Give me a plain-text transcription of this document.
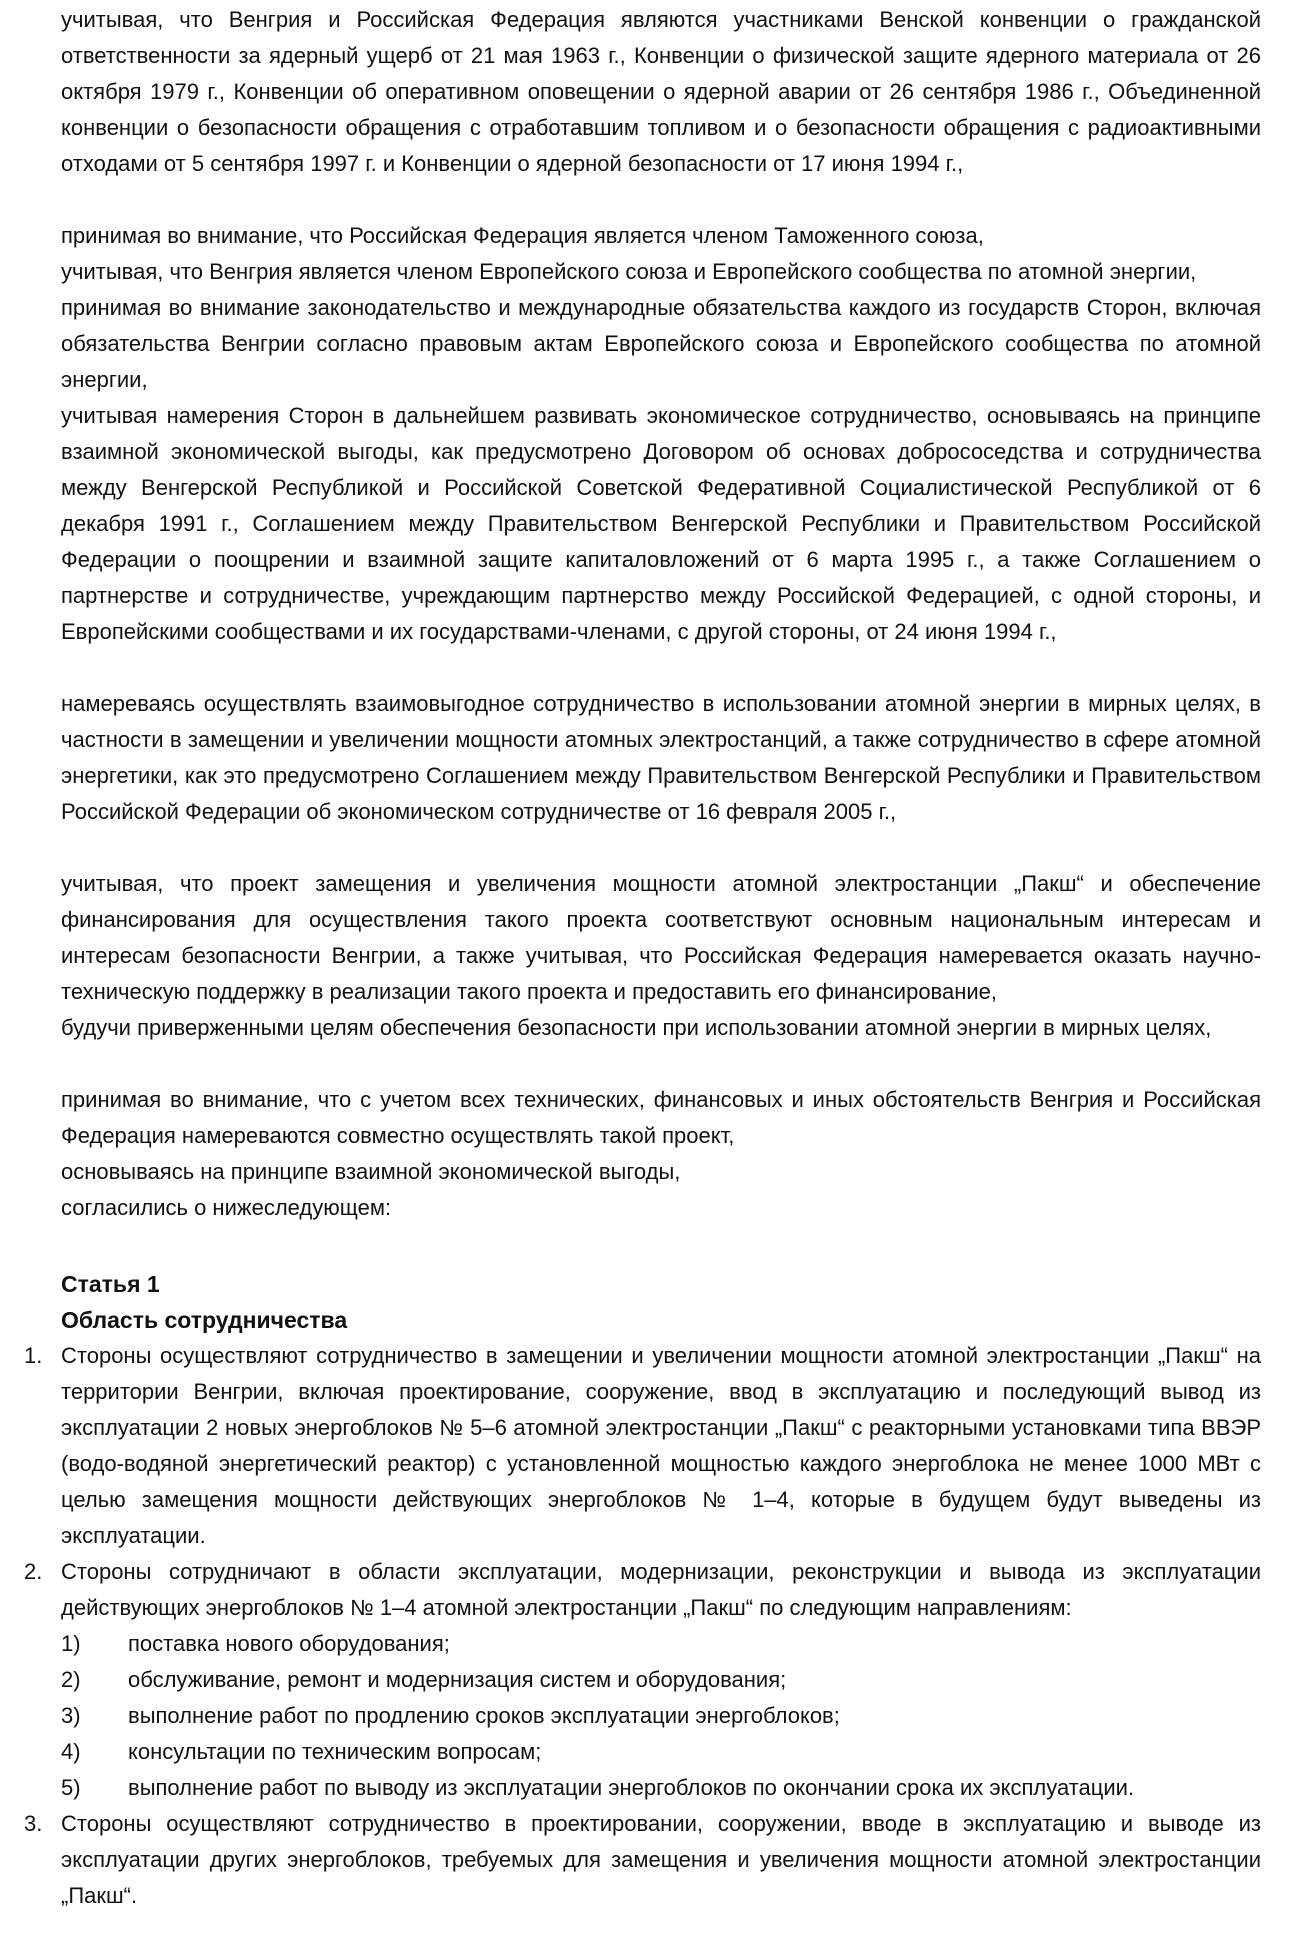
учитывая, что Венгрия и Российская Федерация являются участниками Венской конвенции о гражданской ответственности за ядерный ущерб от 21 мая 1963 г., Конвенции о физической защите ядерного материала от 26 октября 1979 г., Конвенции об оперативном оповещении о ядерной аварии от 26 сентября 1986 г., Объединенной конвенции о безопасности обращения с отработавшим топливом и о безопасности обращения с радиоактивными отходами от 5 сентября 1997 г. и Конвенции о ядерной безопасности от 17 июня 1994 г.,

принимая во внимание, что Российская Федерация является членом Таможенного союза,

учитывая, что Венгрия является членом Европейского союза и Европейского сообщества по атомной энергии,

принимая во внимание законодательство и международные обязательства каждого из государств Сторон, включая обязательства Венгрии согласно правовым актам Европейского союза и Европейского сообщества по атомной энергии,

учитывая намерения Сторон в дальнейшем развивать экономическое сотрудничество, основываясь на принципе взаимной экономической выгоды, как предусмотрено Договором об основах добрососедства и сотрудничества между Венгерской Республикой и Российской Советской Федеративной Социалистической Республикой от 6 декабря 1991 г., Соглашением между Правительством Венгерской Республики и Правительством Российской Федерации о поощрении и взаимной защите капиталовложений от 6 марта 1995 г., а также Соглашением о партнерстве и сотрудничестве, учреждающим партнерство между Российской Федерацией, с одной стороны, и Европейскими сообществами и их государствами-членами, с другой стороны, от 24 июня 1994 г.,

намереваясь осуществлять взаимовыгодное сотрудничество в использовании атомной энергии в мирных целях, в частности в замещении и увеличении мощности атомных электростанций, а также сотрудничество в сфере атомной энергетики, как это предусмотрено Соглашением между Правительством Венгерской Республики и Правительством Российской Федерации об экономическом сотрудничестве от 16 февраля 2005 г.,

учитывая, что проект замещения и увеличения мощности атомной электростанции „Пакш“ и обеспечение финансирования для осуществления такого проекта соответствуют основным национальным интересам и интересам безопасности Венгрии, а также учитывая, что Российская Федерация намеревается оказать научно-техническую поддержку в реализации такого проекта и предоставить его финансирование,

будучи приверженными целям обеспечения безопасности при использовании атомной энергии в мирных целях,

принимая во внимание, что с учетом всех технических, финансовых и иных обстоятельств Венгрия и Российская Федерация намереваются совместно осуществлять такой проект,

основываясь на принципе взаимной экономической выгоды,

согласились о нижеследующем:

Статья 1

Область сотрудничества

1. Стороны осуществляют сотрудничество в замещении и увеличении мощности атомной электростанции „Пакш“ на территории Венгрии, включая проектирование, сооружение, ввод в эксплуатацию и последующий вывод из эксплуатации 2 новых энергоблоков № 5–6 атомной электростанции „Пакш“ с реакторными установками типа ВВЭР (водо-водяной энергетический реактор) с установленной мощностью каждого энергоблока не менее 1000 МВт с целью замещения мощности действующих энергоблоков № 1–4, которые в будущем будут выведены из эксплуатации.
2. Стороны сотрудничают в области эксплуатации, модернизации, реконструкции и вывода из эксплуатации действующих энергоблоков № 1–4 атомной электростанции „Пакш“ по следующим направлениям:
1) поставка нового оборудования;
2) обслуживание, ремонт и модернизация систем и оборудования;
3) выполнение работ по продлению сроков эксплуатации энергоблоков;
4) консультации по техническим вопросам;
5) выполнение работ по выводу из эксплуатации энергоблоков по окончании срока их эксплуатации.
3. Стороны осуществляют сотрудничество в проектировании, сооружении, вводе в эксплуатацию и выводе из эксплуатации других энергоблоков, требуемых для замещения и увеличения мощности атомной электростанции „Пакш“.
